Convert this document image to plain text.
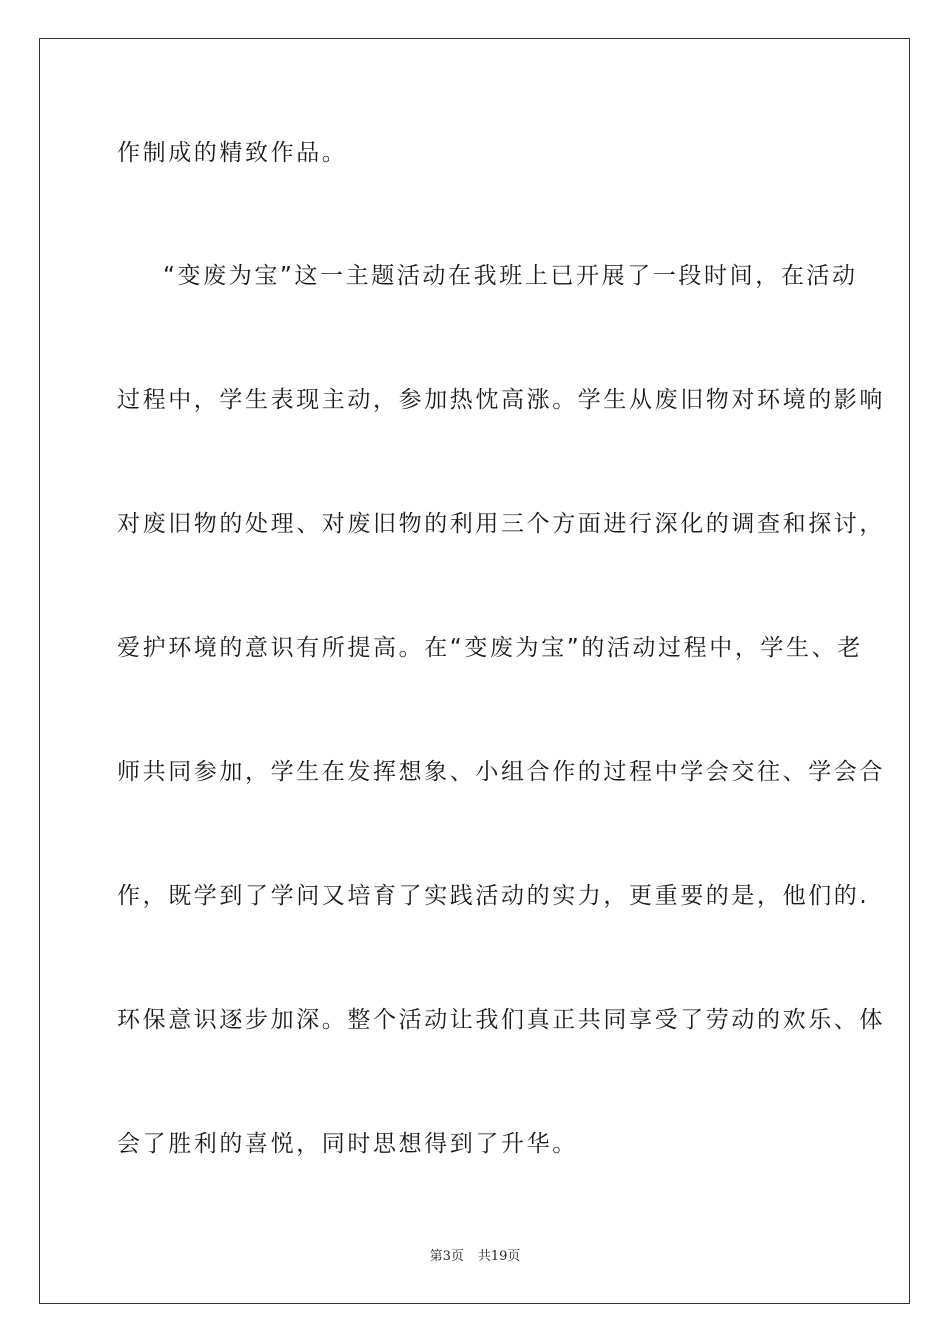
作制成的精致作品。
“变废为宝”这一主题活动在我班上已开展了一段时间，在活动
过程中，学生表现主动，参加热忱高涨。学生从废旧物对环境的影响
对废旧物的处理、对废旧物的利用三个方面进行深化的调查和探讨，
爱护环境的意识有所提高。在“变废为宝”的活动过程中，学生、老
师共同参加，学生在发挥想象、小组合作的过程中学会交往、学会合
作，既学到了学问又培育了实践活动的实力，更重要的是，他们的.
环保意识逐步加深。整个活动让我们真正共同享受了劳动的欢乐、体
会了胜利的喜悦，同时思想得到了升华。
第3页 共19页
